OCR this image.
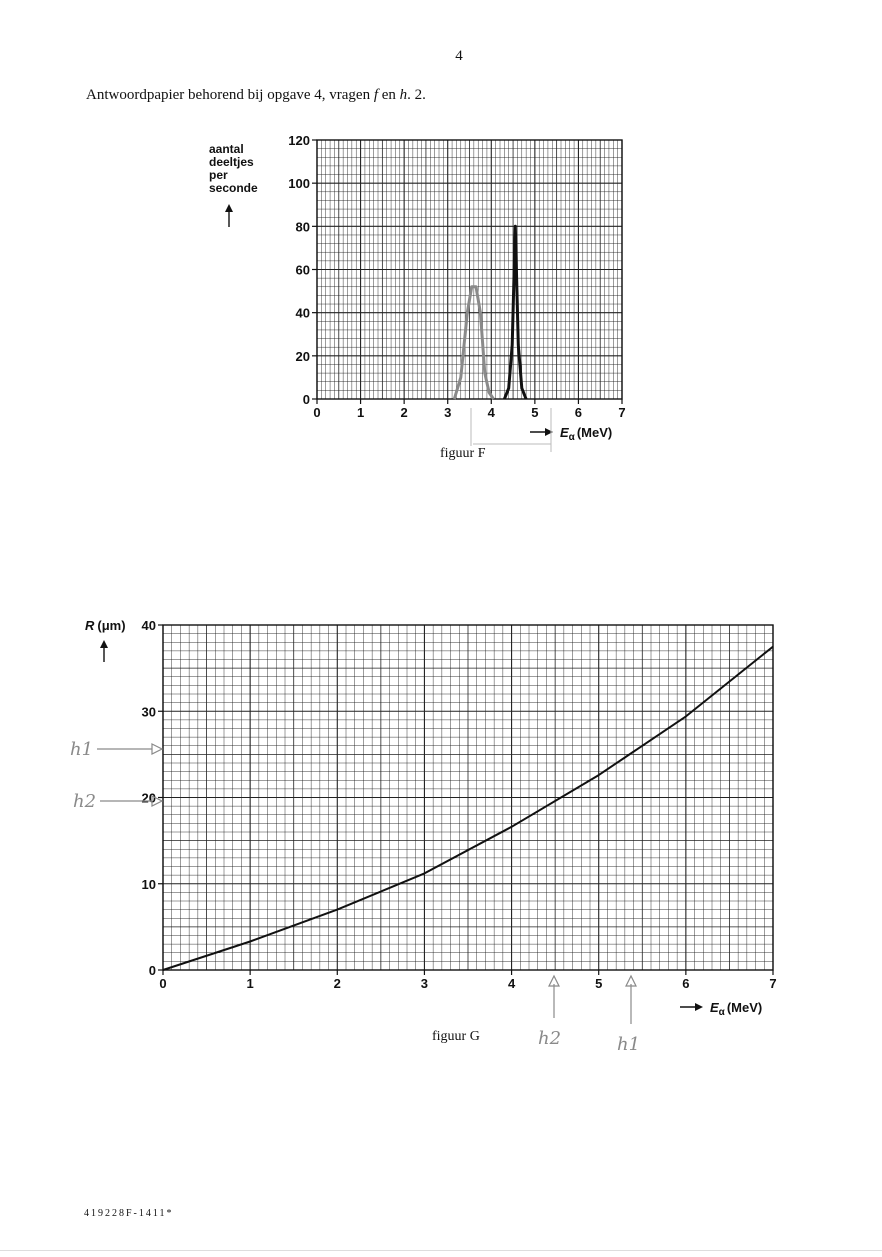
4
Antwoordpapier behorend bij opgave 4, vragen f en h. 2.
0	1	2	3	4	5	6	7
0
20
40
60
80
100
120
aantal
deeltjes
per
seconde
$E_\alpha$ (MeV)
0	1	2	3	4	5	6	7
0
10
20
30
40
R (μm)
$E_\alpha$ (MeV)
h1
h2
h2	h1
figuur F
figuur G
419228F-1411*
